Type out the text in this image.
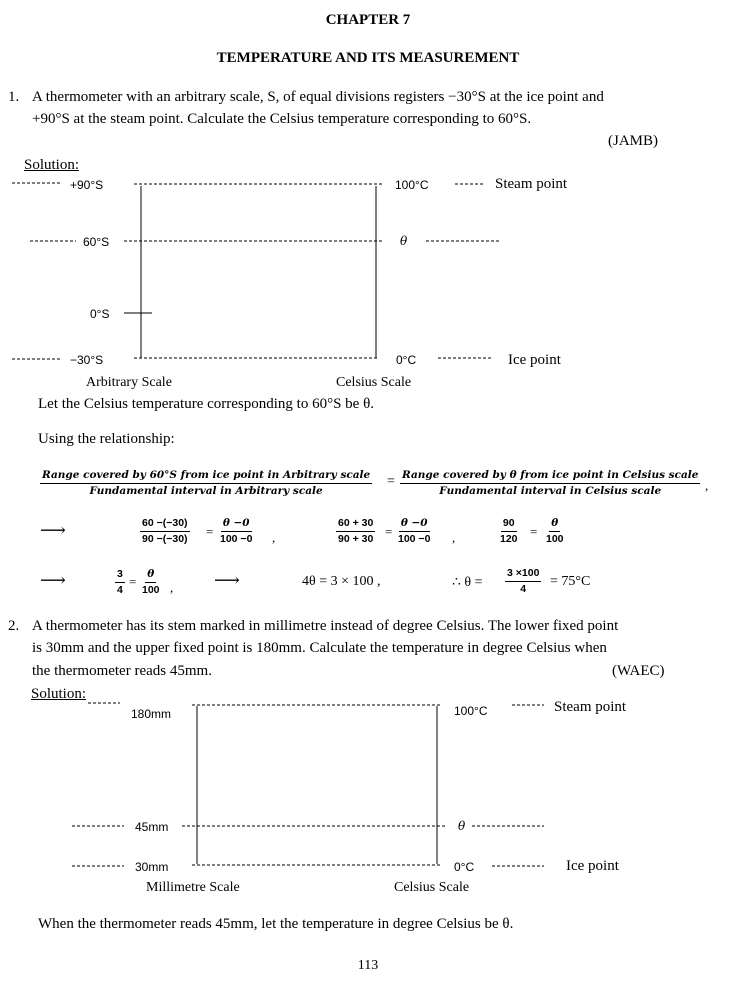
CHAPTER 7
TEMPERATURE AND ITS MEASUREMENT
1. A thermometer with an arbitrary scale, S, of equal divisions registers −30°S at the ice point and
+90°S at the steam point. Calculate the Celsius temperature corresponding to 60°S.
(JAMB)
Solution:
+90°S
60°S
0°S
−30°S
100°C
θ
0°C
Steam point
Ice point
Arbitrary Scale	Celsius Scale
Let the Celsius temperature corresponding to 60°S be θ.
Using the relationship:
Range covered by 60°S from ice point in Arbitrary scale
Fundamental interval in Arbitrary scale
= Range covered by θ from ice point in Celsius scale
Fundamental interval in Celsius scale	,
⟶	$\frac{60 -(-30)}{90 -(-30)} = \frac{\theta -0}{100 -0}$ ,	$\frac{60 + 30}{90 + 30} = \frac{\theta -0}{100 -0}$ ,	$\frac{90}{120} = \frac{\theta}{100}$
⟶	$\frac{3}{4} = \frac{\theta}{100}$ , ⟶	4θ = 3 × 100 ,	∴ $\theta = \frac{3 \times 100}{4} = 75^\circ C$
2. A thermometer has its stem marked in millimetre instead of degree Celsius. The lower fixed point
is 30mm and the upper fixed point is 180mm. Calculate the temperature in degree Celsius when
the thermometer reads 45mm.	(WAEC)
Solution:
180mm
45mm
30mm
100°C
θ
0°C
Steam point
Ice point
Millimetre Scale	Celsius Scale
When the thermometer reads 45mm, let the temperature in degree Celsius be θ.
113
